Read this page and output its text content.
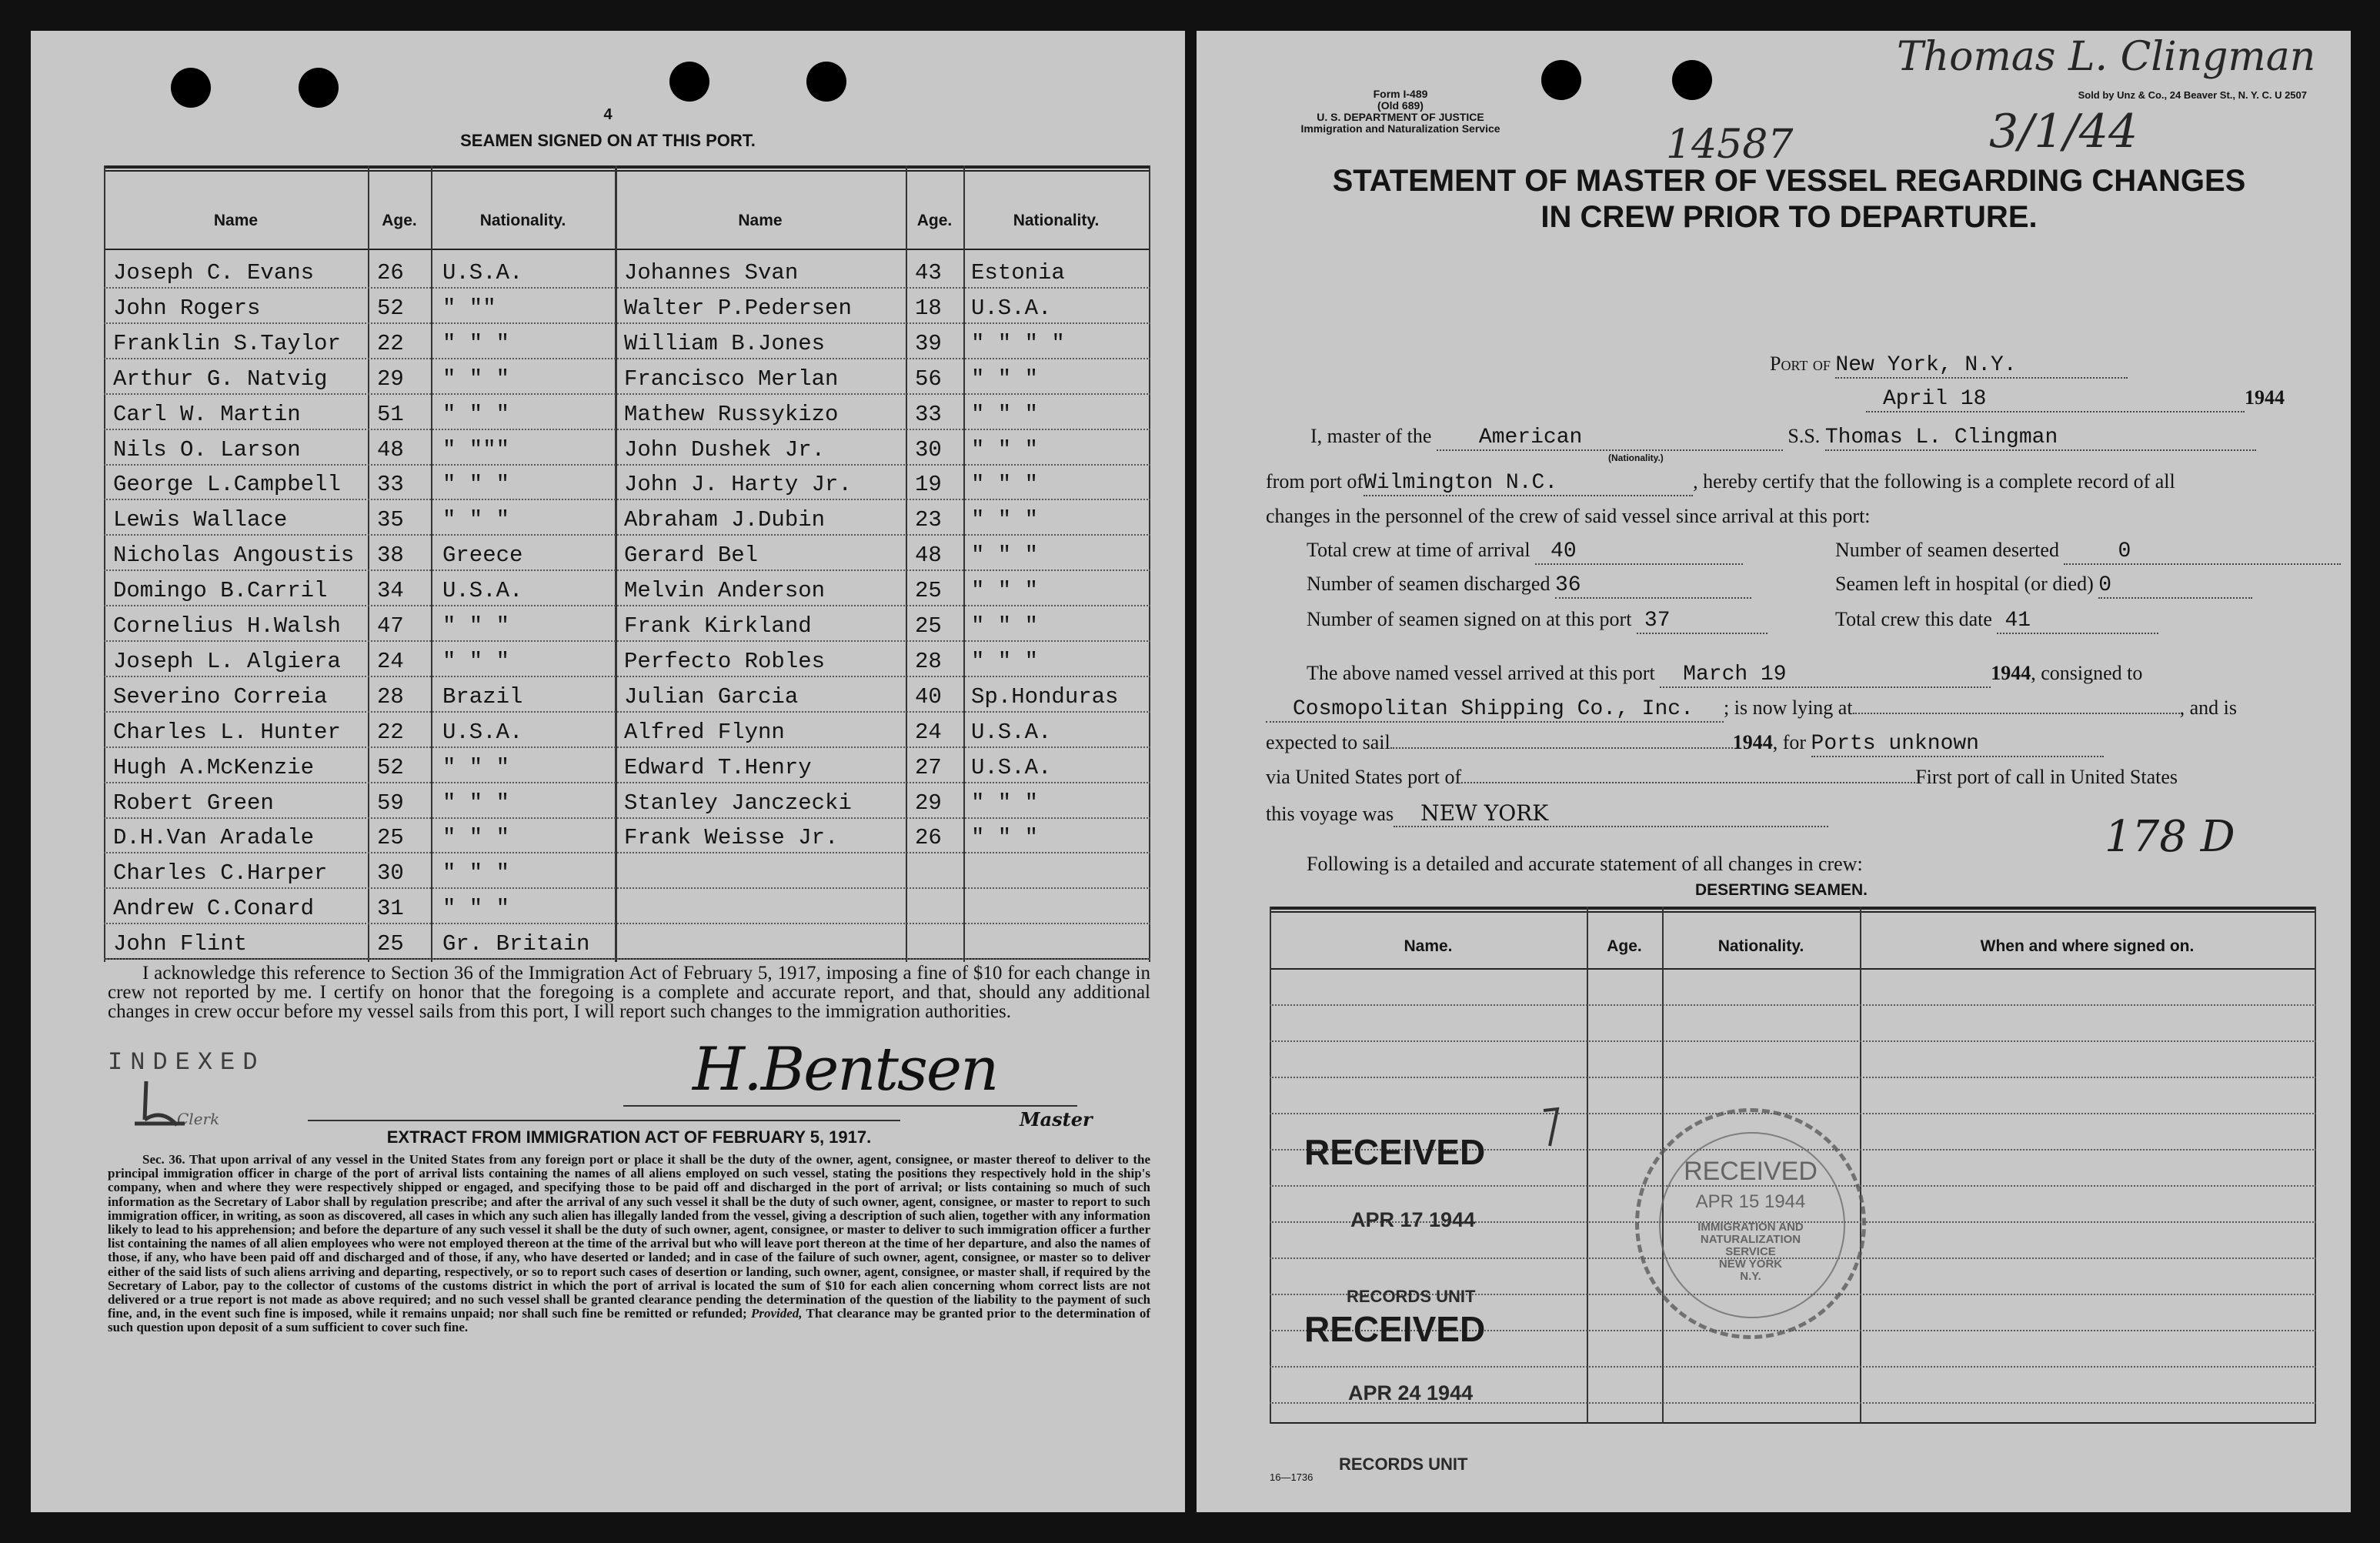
4
SEAMEN SIGNED ON AT THIS PORT.
Name	Age.	Nationality.	Name	Age.	Nationality.
Joseph C. Evans	26	U.S.A.	Johannes Svan	43	Estonia
John Rogers	52	" ""	Walter P.Pedersen	18	U.S.A.
Franklin S.Taylor	22	" " "	William B.Jones	39	" " " "
Arthur G. Natvig	29	" " "	Francisco Merlan	56	" " "
Carl W. Martin	51	" " "	Mathew Russykizo	33	" " "
Nils O. Larson	48	" """	John Dushek Jr.	30	" " "
George L.Campbell	33	" " "	John J. Harty Jr.	19	" " "
Lewis Wallace	35	" " "	Abraham J.Dubin	23	" " "
Nicholas Angoustis	38	Greece	Gerard Bel	48	" " "
Domingo B.Carril	34	U.S.A.	Melvin Anderson	25	" " "
Cornelius H.Walsh	47	" " "	Frank Kirkland	25	" " "
Joseph L. Algiera	24	" " "	Perfecto Robles	28	" " "
Severino Correia	28	Brazil	Julian Garcia	40	Sp.Honduras
Charles L. Hunter	22	U.S.A.	Alfred Flynn	24	U.S.A.
Hugh A.McKenzie	52	" " "	Edward T.Henry	27	U.S.A.
Robert Green	59	" " "	Stanley Janczecki	29	" " "
D.H.Van Aradale	25	" " "	Frank Weisse Jr.	26	" " "
Charles C.Harper	30	" " "
Andrew C.Conard	31	" " "
John Flint	25	Gr. Britain
I acknowledge this reference to Section 36 of the Immigration Act of February 5, 1917, imposing a fine of $10 for each change in crew not reported by me. I certify on honor that the foregoing is a complete and accurate report, and that, should any additional changes in crew occur before my vessel sails from this port, I will report such changes to the immigration authorities.
INDEXED
Clerk
H.Bentsen
Master
EXTRACT FROM IMMIGRATION ACT OF FEBRUARY 5, 1917.
Sec. 36. That upon arrival of any vessel in the United States from any foreign port or place it shall be the duty of the owner, agent, consignee, or master thereof to deliver to the principal immigration officer in charge of the port of arrival lists containing the names of all aliens employed on such vessel, stating the positions they respectively hold in the ship's company, when and where they were respectively shipped or engaged, and specifying those to be paid off and discharged in the port of arrival; or lists containing so much of such information as the Secretary of Labor shall by regulation prescribe; and after the arrival of any such vessel it shall be the duty of such owner, agent, consignee, or master to report to such immigration officer, in writing, as soon as discovered, all cases in which any such alien has illegally landed from the vessel, giving a description of such alien, together with any information likely to lead to his apprehension; and before the departure of any such vessel it shall be the duty of such owner, agent, consignee, or master to deliver to such immigration officer a further list containing the names of all alien employees who were not employed thereon at the time of the arrival but who will leave port thereon at the time of her departure, and also the names of those, if any, who have been paid off and discharged and of those, if any, who have deserted or landed; and in case of the failure of such owner, agent, consignee, or master so to deliver either of the said lists of such aliens arriving and departing, respectively, or so to report such cases of desertion or landing, such owner, agent, consignee, or master shall, if required by the Secretary of Labor, pay to the collector of customs of the customs district in which the port of arrival is located the sum of $10 for each alien concerning whom correct lists are not delivered or a true report is not made as above required; and no such vessel shall be granted clearance pending the determination of the question of the liability to the payment of such fine, and, in the event such fine is imposed, while it remains unpaid; nor shall such fine be remitted or refunded; Provided, That clearance may be granted prior to the determination of such question upon deposit of a sum sufficient to cover such fine.
Form I-489
(Old 689)
U. S. DEPARTMENT OF JUSTICE
Immigration and Naturalization Service
Sold by Unz & Co., 24 Beaver St., N. Y. C. U 2507
Thomas L. Clingman
14587	3/1/44
STATEMENT OF MASTER OF VESSEL REGARDING CHANGES
IN CREW PRIOR TO DEPARTURE.
Port of New York, N.Y.
April 18	1944
I, master of the American	S.S. Thomas L. Clingman
(Nationality.)
from port ofWilmington N.C.	, hereby certify that the following is a complete record of all
changes in the personnel of the crew of said vessel since arrival at this port:
Total crew at time of arrival 40	Number of seamen deserted	0
Number of seamen discharged 36	Seamen left in hospital (or died) 0
Number of seamen signed on at this port 37	Total crew this date 41
The above named vessel arrived at this port March 19	1944, consigned to
Cosmopolitan Shipping Co., Inc. ; is now lying at	, and is
expected to sail	1944, for Ports unknown
via United States port of	First port of call in United States
this voyage was NEW YORK	178 D
Following is a detailed and accurate statement of all changes in crew:
DESERTING SEAMEN.
Name.	Age.	Nationality.	When and where signed on.
RECEIVED
APR 17 1944
RECORDS UNIT
RECEIVED
APR 24 1944
RECORDS UNIT
RECEIVED
APR 15 1944
IMMIGRATION AND
NATURALIZATION
SERVICE
NEW YORK
N.Y.
16—1736
